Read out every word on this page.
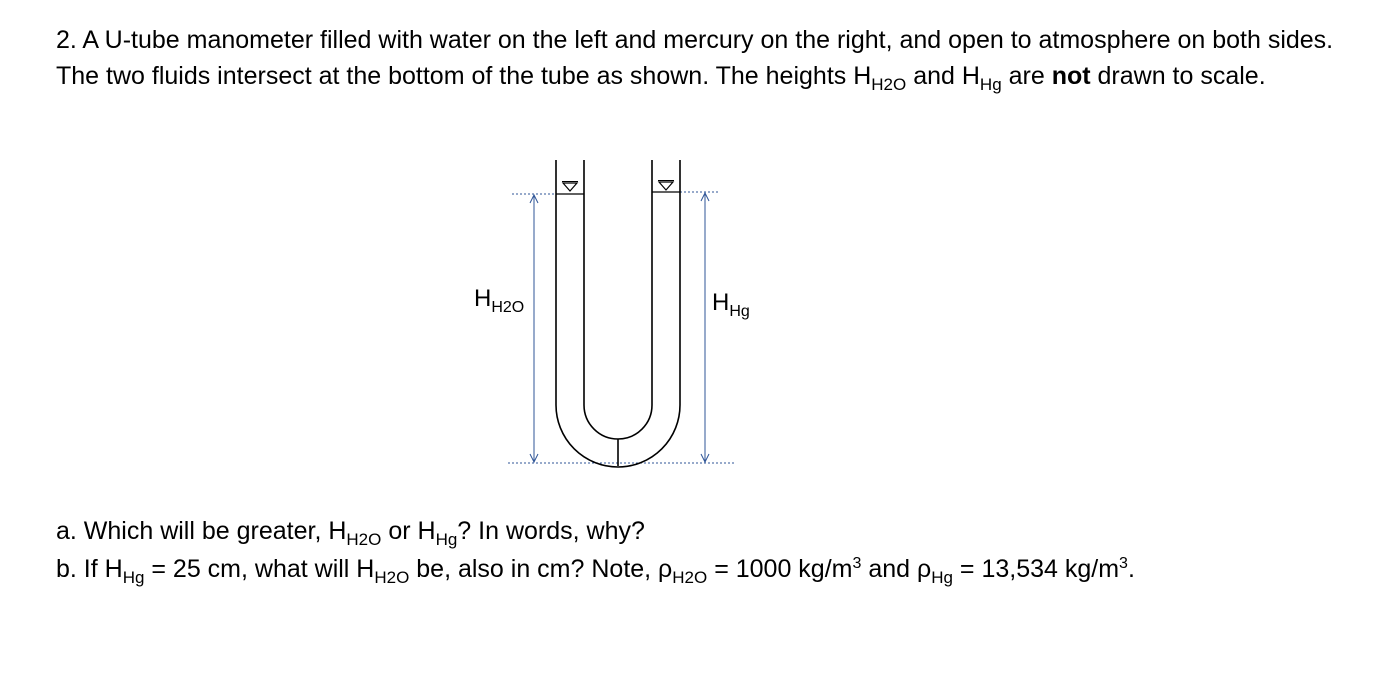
2. A U-tube manometer filled with water on the left and mercury on the right, and open to atmosphere on both sides. The two fluids intersect at the bottom of the tube as shown. The heights $H_{H2O}$ and $H_{Hg}$ are not drawn to scale.

$H_{H2O}$	$H_{Hg}$

a. Which will be greater, $H_{H2O}$ or $H_{Hg}$? In words, why?

b. If $H_{Hg} = 25$ cm, what will $H_{H2O}$ be, also in cm? Note, $\rho_{H2O} = 1000$ $kg/m^3$ and $\rho_{Hg} = 13,534$ $kg/m^3$.
